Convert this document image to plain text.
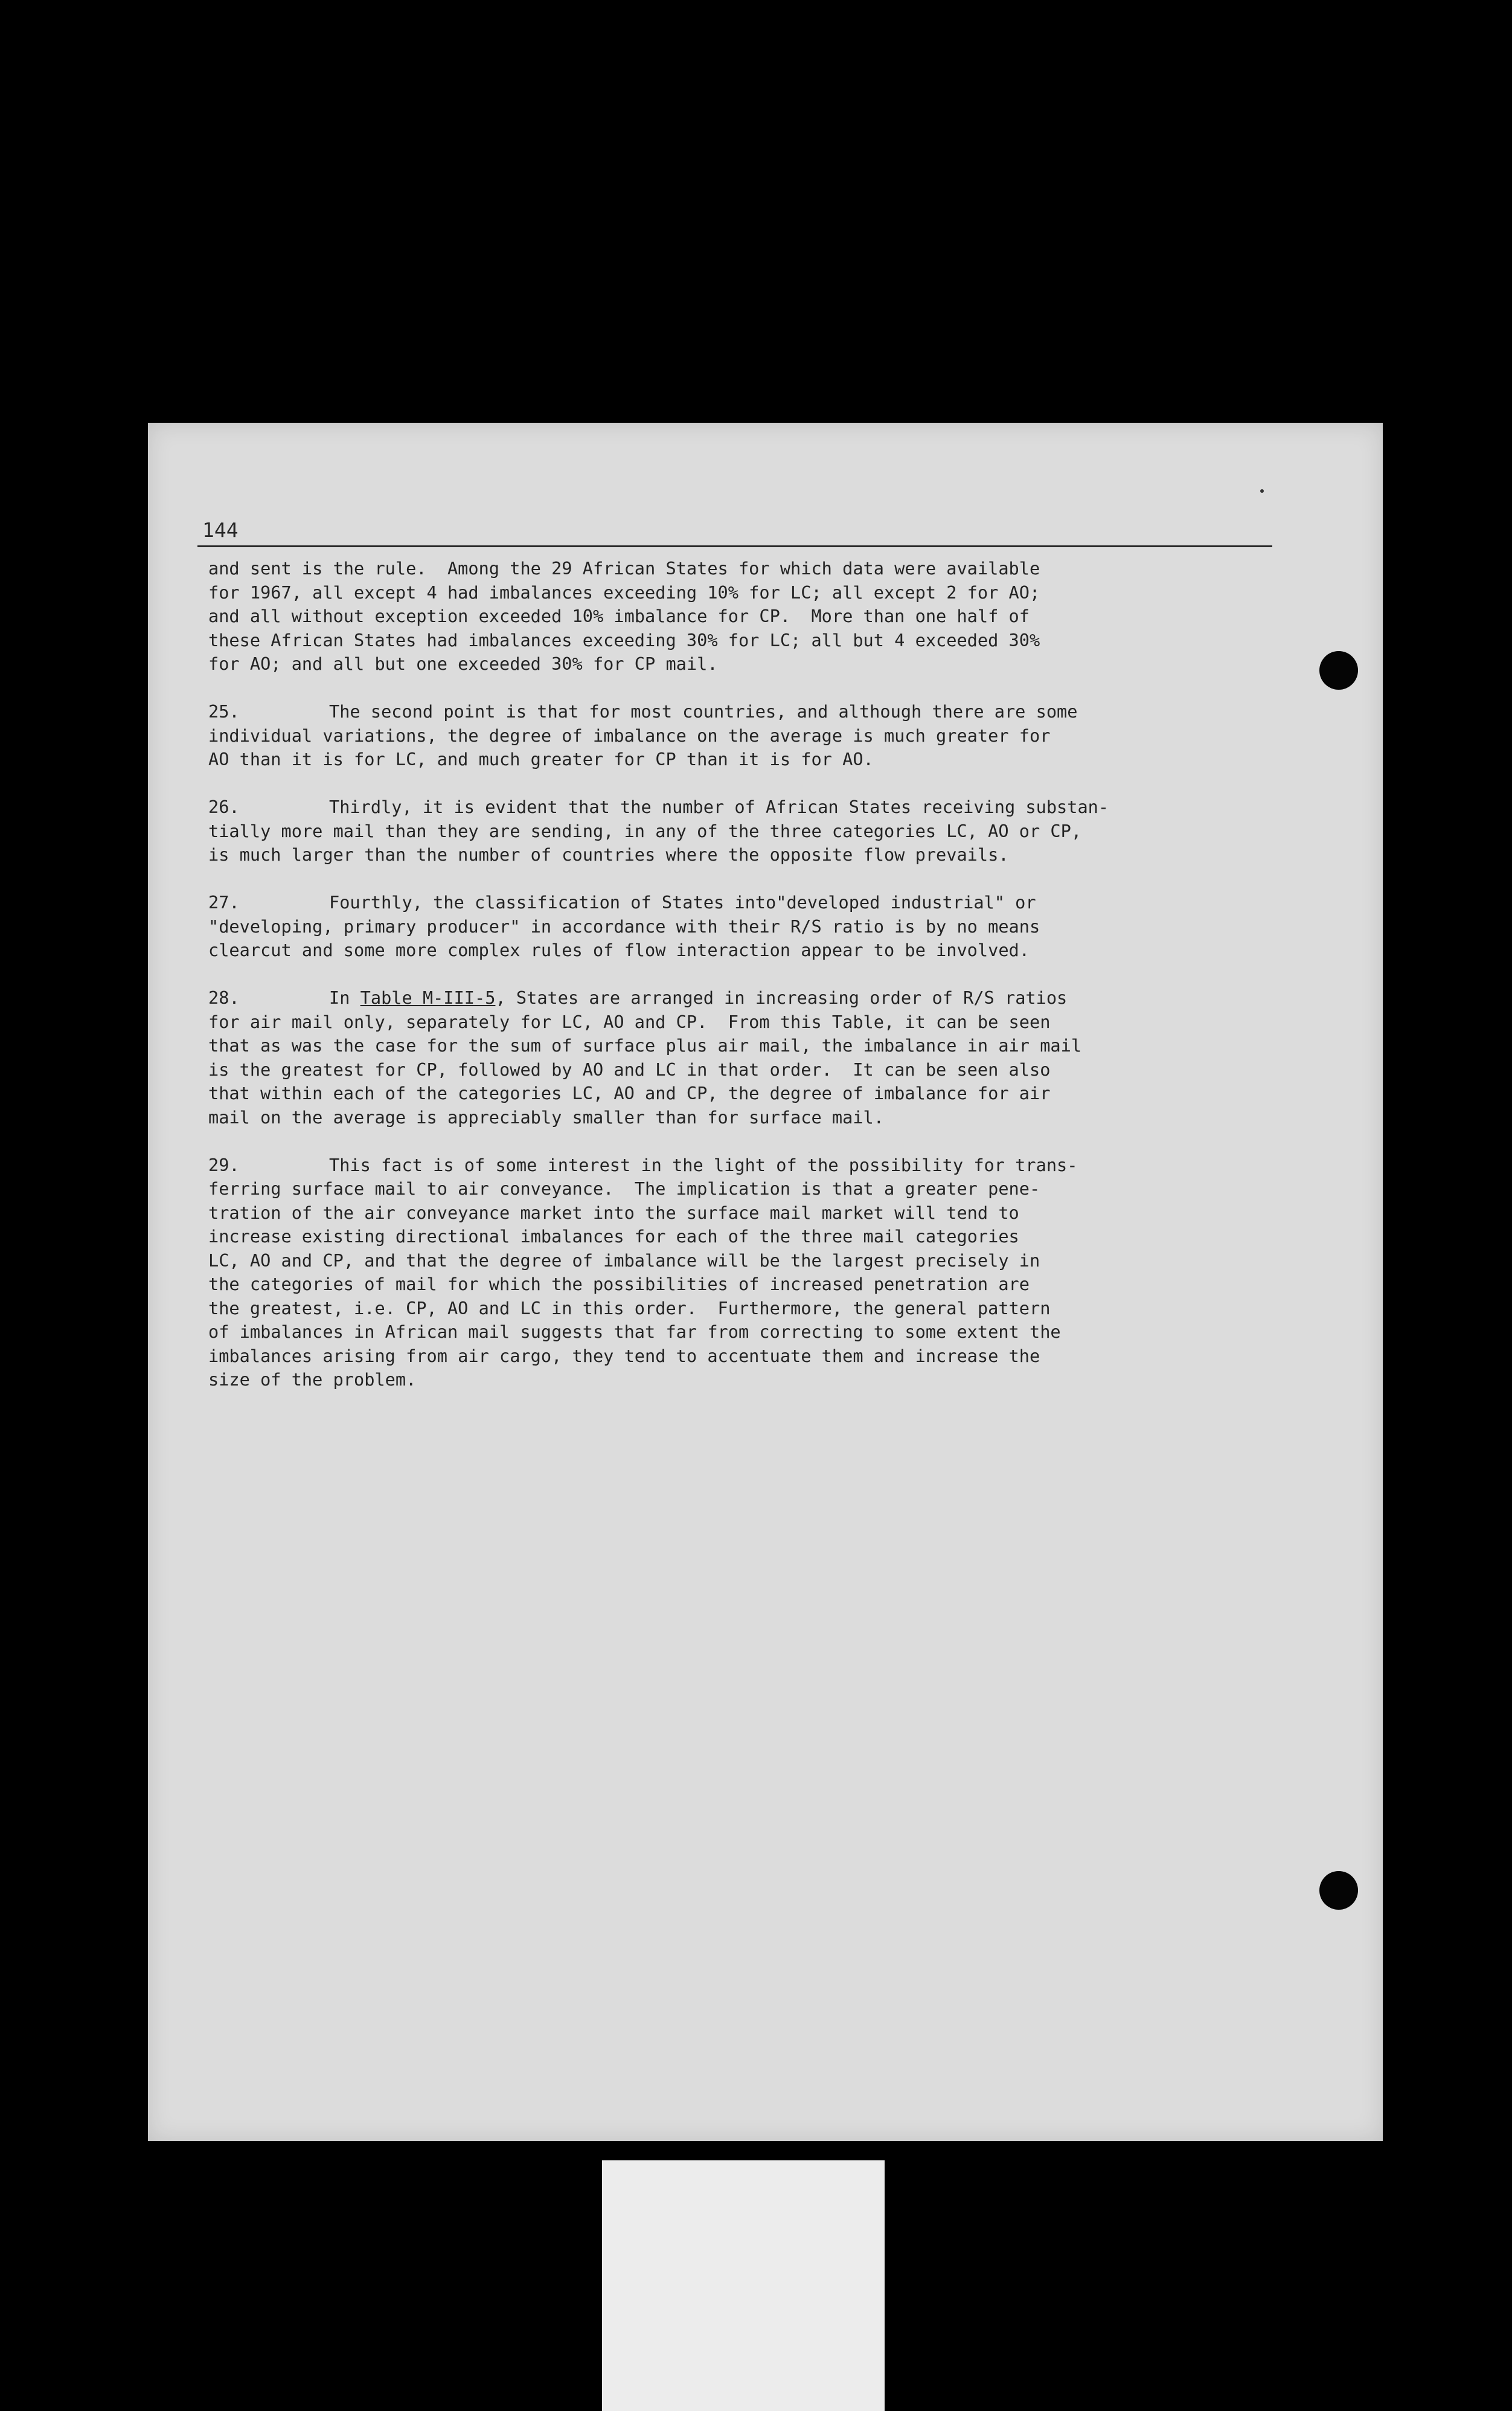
144
and sent is the rule.  Among the 29 African States for which data were available
for 1967, all except 4 had imbalances exceeding 10% for LC; all except 2 for AO;
and all without exception exceeded 10% imbalance for CP.  More than one half of
these African States had imbalances exceeding 30% for LC; all but 4 exceeded 30%
for AO; and all but one exceeded 30% for CP mail.
25.	The second point is that for most countries, and although there are some
individual variations, the degree of imbalance on the average is much greater for
AO than it is for LC, and much greater for CP than it is for AO.
26.	Thirdly, it is evident that the number of African States receiving substan-
tially more mail than they are sending, in any of the three categories LC, AO or CP,
is much larger than the number of countries where the opposite flow prevails.
27.	Fourthly, the classification of States into"developed industrial" or
"developing, primary producer" in accordance with their R/S ratio is by no means
clearcut and some more complex rules of flow interaction appear to be involved.
28.	In Table M-III-5, States are arranged in increasing order of R/S ratios
for air mail only, separately for LC, AO and CP.  From this Table, it can be seen
that as was the case for the sum of surface plus air mail, the imbalance in air mail
is the greatest for CP, followed by AO and LC in that order.  It can be seen also
that within each of the categories LC, AO and CP, the degree of imbalance for air
mail on the average is appreciably smaller than for surface mail.
29.	This fact is of some interest in the light of the possibility for trans-
ferring surface mail to air conveyance.  The implication is that a greater pene-
tration of the air conveyance market into the surface mail market will tend to
increase existing directional imbalances for each of the three mail categories
LC, AO and CP, and that the degree of imbalance will be the largest precisely in
the categories of mail for which the possibilities of increased penetration are
the greatest, i.e. CP, AO and LC in this order.  Furthermore, the general pattern
of imbalances in African mail suggests that far from correcting to some extent the
imbalances arising from air cargo, they tend to accentuate them and increase the
size of the problem.
